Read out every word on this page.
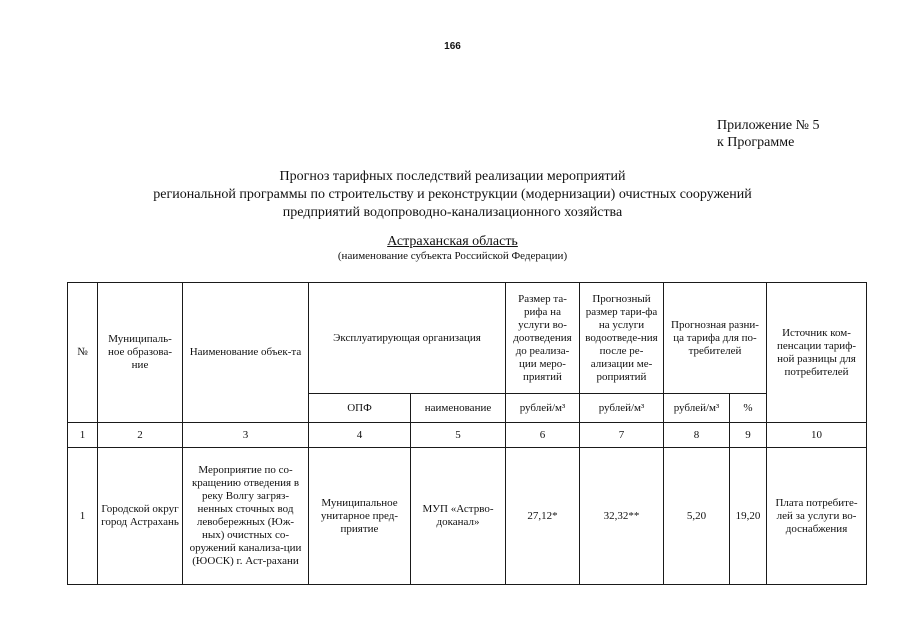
166
Приложение № 5
к Программе
Прогноз тарифных последствий реализации мероприятий
региональной программы по строительству и реконструкции (модернизации) очистных сооружений
предприятий водопроводно-канализационного хозяйства
Астраханская область
(наименование субъекта Российской Федерации)
№	Муниципаль-ное образова-ние	Наименование объек-та	Эксплуатирующая организация		Размер та-рифа на услуги во-доотведения до реализа-ции меро-приятий	Прогнозный размер тари-фа на услуги водоотведе-ния после ре-ализации ме-роприятий	Прогнозная разни-ца тарифа для по-требителей		Источник ком-пенсации тариф-ной разницы для потребителей
			ОПФ	наименование	рублей/м³	рублей/м³	рублей/м³	%	
1	2	3	4	5	6	7	8	9	10
1	Городской округ город Астрахань	Мероприятие по со-кращению отведения в реку Волгу загряз-ненных сточных вод левобережных (Юж-ных) очистных со-оружений канализа-ции (ЮОСК) г. Аст-рахани	Муниципальное унитарное пред-приятие	МУП «Астрво-доканал»	27,12*	32,32**	5,20	19,20	Плата потребите-лей за услуги во-доснабжения
